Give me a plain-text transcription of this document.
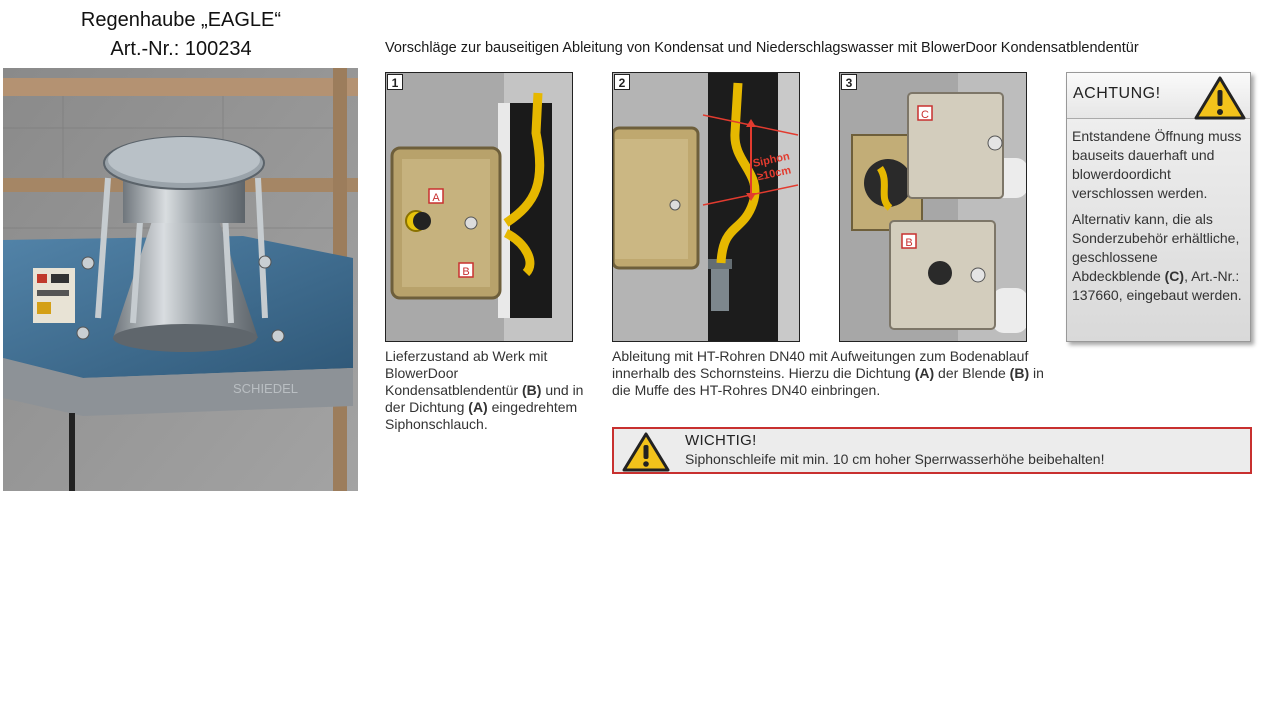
Regenhaube „EAGLE“
Art.-Nr.: 100234
SCHIEDEL
Vorschläge zur bauseitigen Ableitung von Kondensat und Niederschlagswasser mit BlowerDoor Kondensatblendentür
1
A
B
2
Siphon
≥10cm
3
C
B
Lieferzustand ab Werk mit BlowerDoor Kondensatblendentür (B) und in der Dichtung (A) eingedrehtem Siphonschlauch.
Ableitung mit HT-Rohren DN40 mit Aufweitungen zum Bodenablauf innerhalb des Schornsteins. Hierzu die Dichtung (A) der Blende (B) in die Muffe des HT-Rohres DN40 einbringen.
ACHTUNG!
Entstandene Öffnung muss bauseits dauerhaft und blowerdoordicht verschlossen werden.
Alternativ kann, die als Sonderzubehör erhältliche, geschlossene Abdeckblende (C), Art.-Nr.: 137660, eingebaut werden.
WICHTIG!
Siphonschleife mit min. 10 cm hoher Sperrwasserhöhe beibehalten!
